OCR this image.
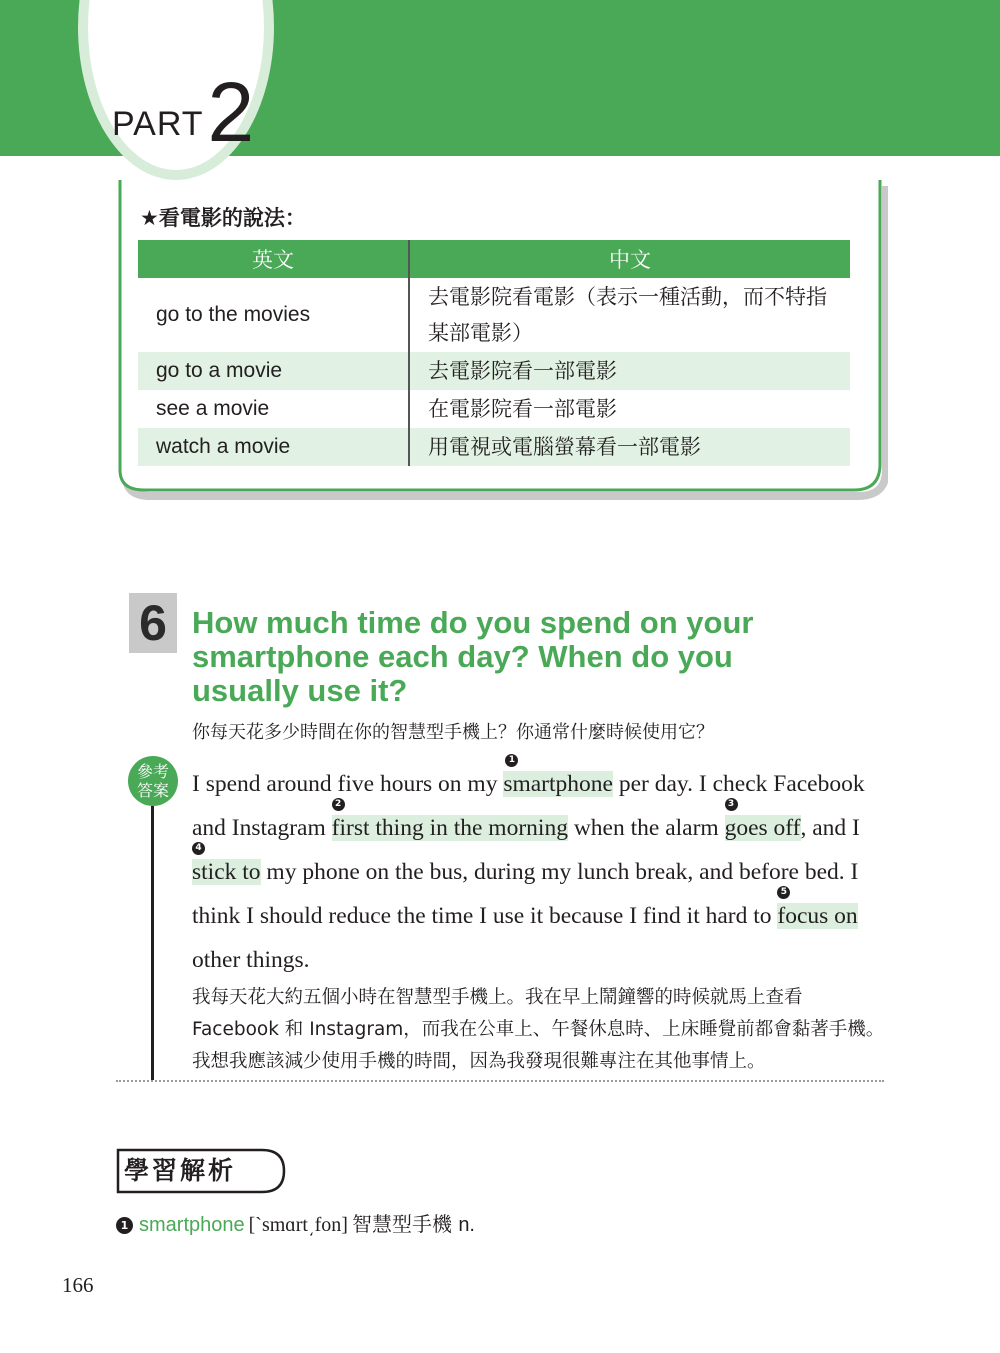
PART2
★看電影的說法：
英文	中文
go to the movies	去電影院看電影（表示一種活動，而不特指某部電影）
go to a movie	去電影院看一部電影
see a movie	在電影院看一部電影
watch a movie	用電視或電腦螢幕看一部電影
6 How much time do you spend on your smartphone each day? When do you usually use it?
你每天花多少時間在你的智慧型手機上？你通常什麼時候使用它？
參考答案 I spend around five hours on my
1
smartphone per day. I check Facebook and Instagram
2
first thing in the morning when the alarm
3
goes off, and I
4
stick to my phone on the bus, during my lunch break, and before bed. I think I should reduce the time I use it because I find it hard to
5
focus on other things.
我每天花大約五個小時在智慧型手機上。我在早上鬧鐘響的時候就馬上查看 Facebook 和 Instagram，而我在公車上、午餐休息時、上床睡覺前都會黏著手機。我想我應該減少使用手機的時間，因為我發現很難專注在其他事情上。
學習解析
1 smartphone [`smɑrt͵fon] 智慧型手機 n.
166
